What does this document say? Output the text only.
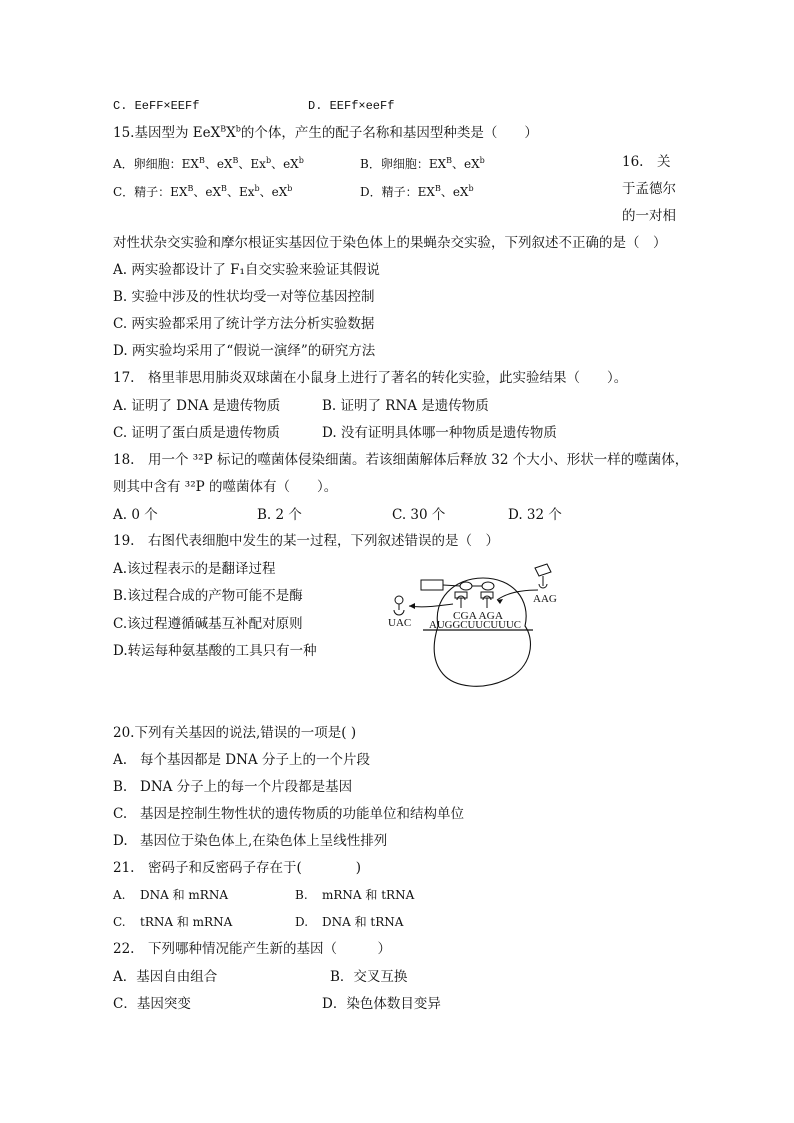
C. EeFF×EEFf	D. EEFf×eeFf
15.基因型为 $EeX^BX^b$的个体，产生的配子名称和基因型种类是（　　）
A．卵细胞：$EX^B$、$eX^B$、Ex$^b$、$eX^b$	B．卵细胞：$EX^B$、$eX^b$
C．精子：$EX^B$、$eX^B$、Ex$^b$、$eX^b$	D．精子：$EX^B$、$eX^b$
16.　关
于孟德尔
的一对相
对性状杂交实验和摩尔根证实基因位于染色体上的果蝇杂交实验，下列叙述不正确的是（　）
A. 两实验都设计了 F₁自交实验来验证其假说
B. 实验中涉及的性状均受一对等位基因控制
C. 两实验都采用了统计学方法分析实验数据
D. 两实验均采用了“假说一演绎”的研究方法
17.　格里菲思用肺炎双球菌在小鼠身上进行了著名的转化实验，此实验结果（　　）。
A. 证明了 DNA 是遗传物质	B. 证明了 RNA 是遗传物质
C. 证明了蛋白质是遗传物质	D. 没有证明具体哪一种物质是遗传物质
18.　用一个 ³²P 标记的噬菌体侵染细菌。若该细菌解体后释放 32 个大小、形状一样的噬菌体，
则其中含有 ³²P 的噬菌体有（　　）。
A. 0 个	B. 2 个	C. 30 个	D. 32 个
19.　右图代表细胞中发生的某一过程，下列叙述错误的是（　）
A.该过程表示的是翻译过程
B.该过程合成的产物可能不是酶
C.该过程遵循碱基互补配对原则
D.转运每种氨基酸的工具只有一种
AUGGCUUCUUUC
CGA AGA
AAG
UAC
20.下列有关基因的说法,错误的一项是( )
A. 每个基因都是 DNA 分子上的一个片段
B. DNA 分子上的每一个片段都是基因
C. 基因是控制生物性状的遗传物质的功能单位和结构单位
D. 基因位于染色体上,在染色体上呈线性排列
21.　密码子和反密码子存在于(　　　　)
A. DNA 和 mRNA	B. mRNA 和 tRNA
C. tRNA 和 mRNA	D. DNA 和 tRNA
22.　下列哪种情况能产生新的基因（　　　）
A．基因自由组合	B．交叉互换
C．基因突变	D．染色体数目变异
